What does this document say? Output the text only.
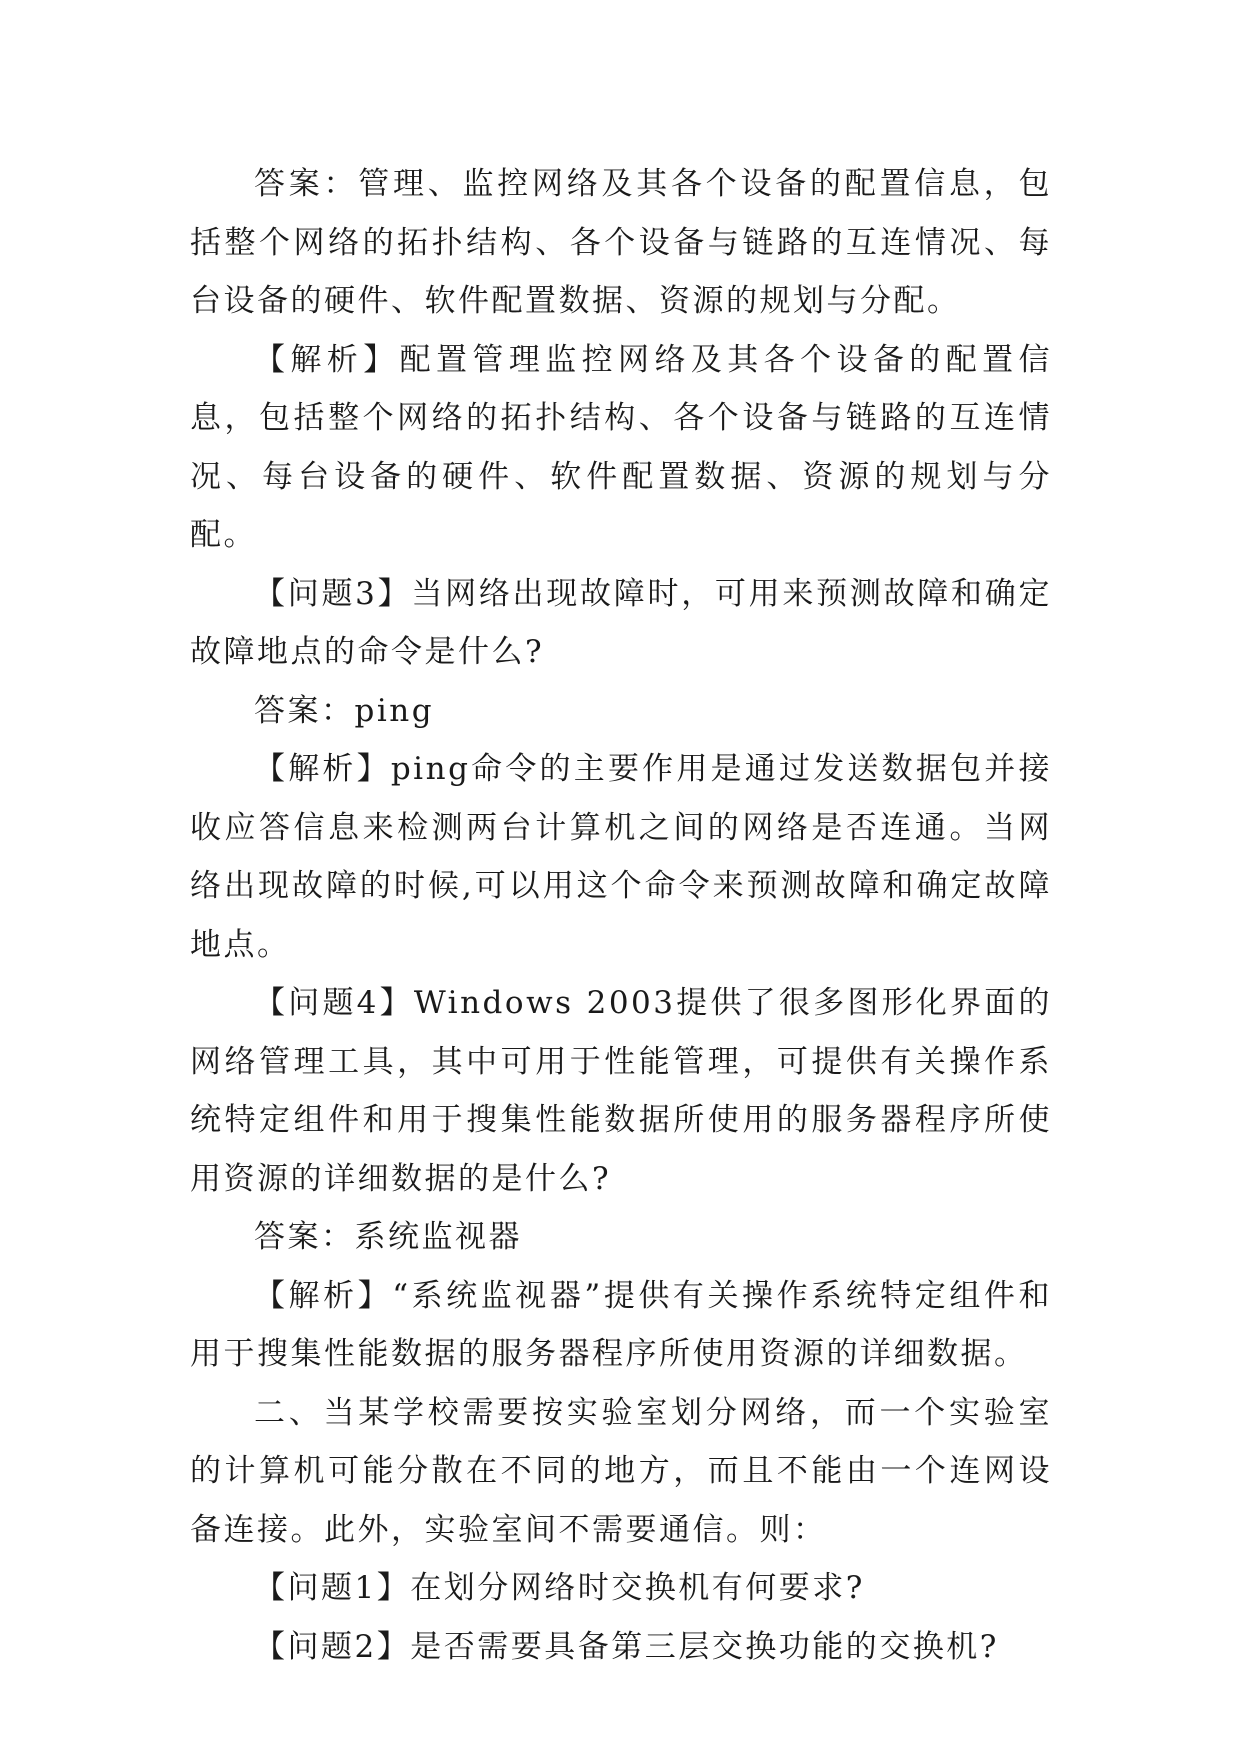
答案：管理、监控网络及其各个设备的配置信息，包括整个网络的拓扑结构、各个设备与链路的互连情况、每台设备的硬件、软件配置数据、资源的规划与分配。

【解析】配置管理监控网络及其各个设备的配置信息，包括整个网络的拓扑结构、各个设备与链路的互连情况、每台设备的硬件、软件配置数据、资源的规划与分配。

【问题3】当网络出现故障时，可用来预测故障和确定故障地点的命令是什么?

答案：ping

【解析】ping命令的主要作用是通过发送数据包并接收应答信息来检测两台计算机之间的网络是否连通。当网络出现故障的时候,可以用这个命令来预测故障和确定故障地点。

【问题4】Windows 2003提供了很多图形化界面的网络管理工具，其中可用于性能管理，可提供有关操作系统特定组件和用于搜集性能数据所使用的服务器程序所使用资源的详细数据的是什么?

答案：系统监视器

【解析】“系统监视器”提供有关操作系统特定组件和用于搜集性能数据的服务器程序所使用资源的详细数据。

二、当某学校需要按实验室划分网络，而一个实验室的计算机可能分散在不同的地方，而且不能由一个连网设备连接。此外，实验室间不需要通信。则：

【问题1】在划分网络时交换机有何要求?

【问题2】是否需要具备第三层交换功能的交换机?
